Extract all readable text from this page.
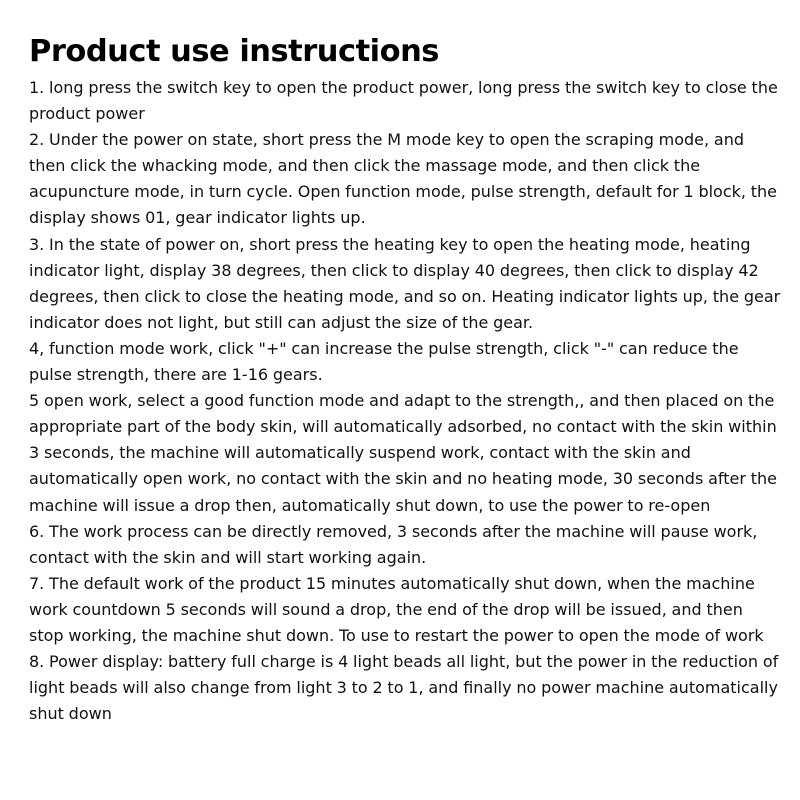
Product use instructions
1. long press the switch key to open the product power, long press the switch key to close the
product power
2. Under the power on state, short press the M mode key to open the scraping mode, and
then click the whacking mode, and then click the massage mode, and then click the
acupuncture mode, in turn cycle. Open function mode, pulse strength, default for 1 block, the
display shows 01, gear indicator lights up.
3. In the state of power on, short press the heating key to open the heating mode, heating
indicator light, display 38 degrees, then click to display 40 degrees, then click to display 42
degrees, then click to close the heating mode, and so on. Heating indicator lights up, the gear
indicator does not light, but still can adjust the size of the gear.
4, function mode work, click "+" can increase the pulse strength, click "-" can reduce the
pulse strength, there are 1-16 gears.
5 open work, select a good function mode and adapt to the strength,, and then placed on the
appropriate part of the body skin, will automatically adsorbed, no contact with the skin within
3 seconds, the machine will automatically suspend work, contact with the skin and
automatically open work, no contact with the skin and no heating mode, 30 seconds after the
machine will issue a drop then, automatically shut down, to use the power to re-open
6. The work process can be directly removed, 3 seconds after the machine will pause work,
contact with the skin and will start working again.
7. The default work of the product 15 minutes automatically shut down, when the machine
work countdown 5 seconds will sound a drop, the end of the drop will be issued, and then
stop working, the machine shut down. To use to restart the power to open the mode of work
8. Power display: battery full charge is 4 light beads all light, but the power in the reduction of
light beads will also change from light 3 to 2 to 1, and finally no power machine automatically
shut down
